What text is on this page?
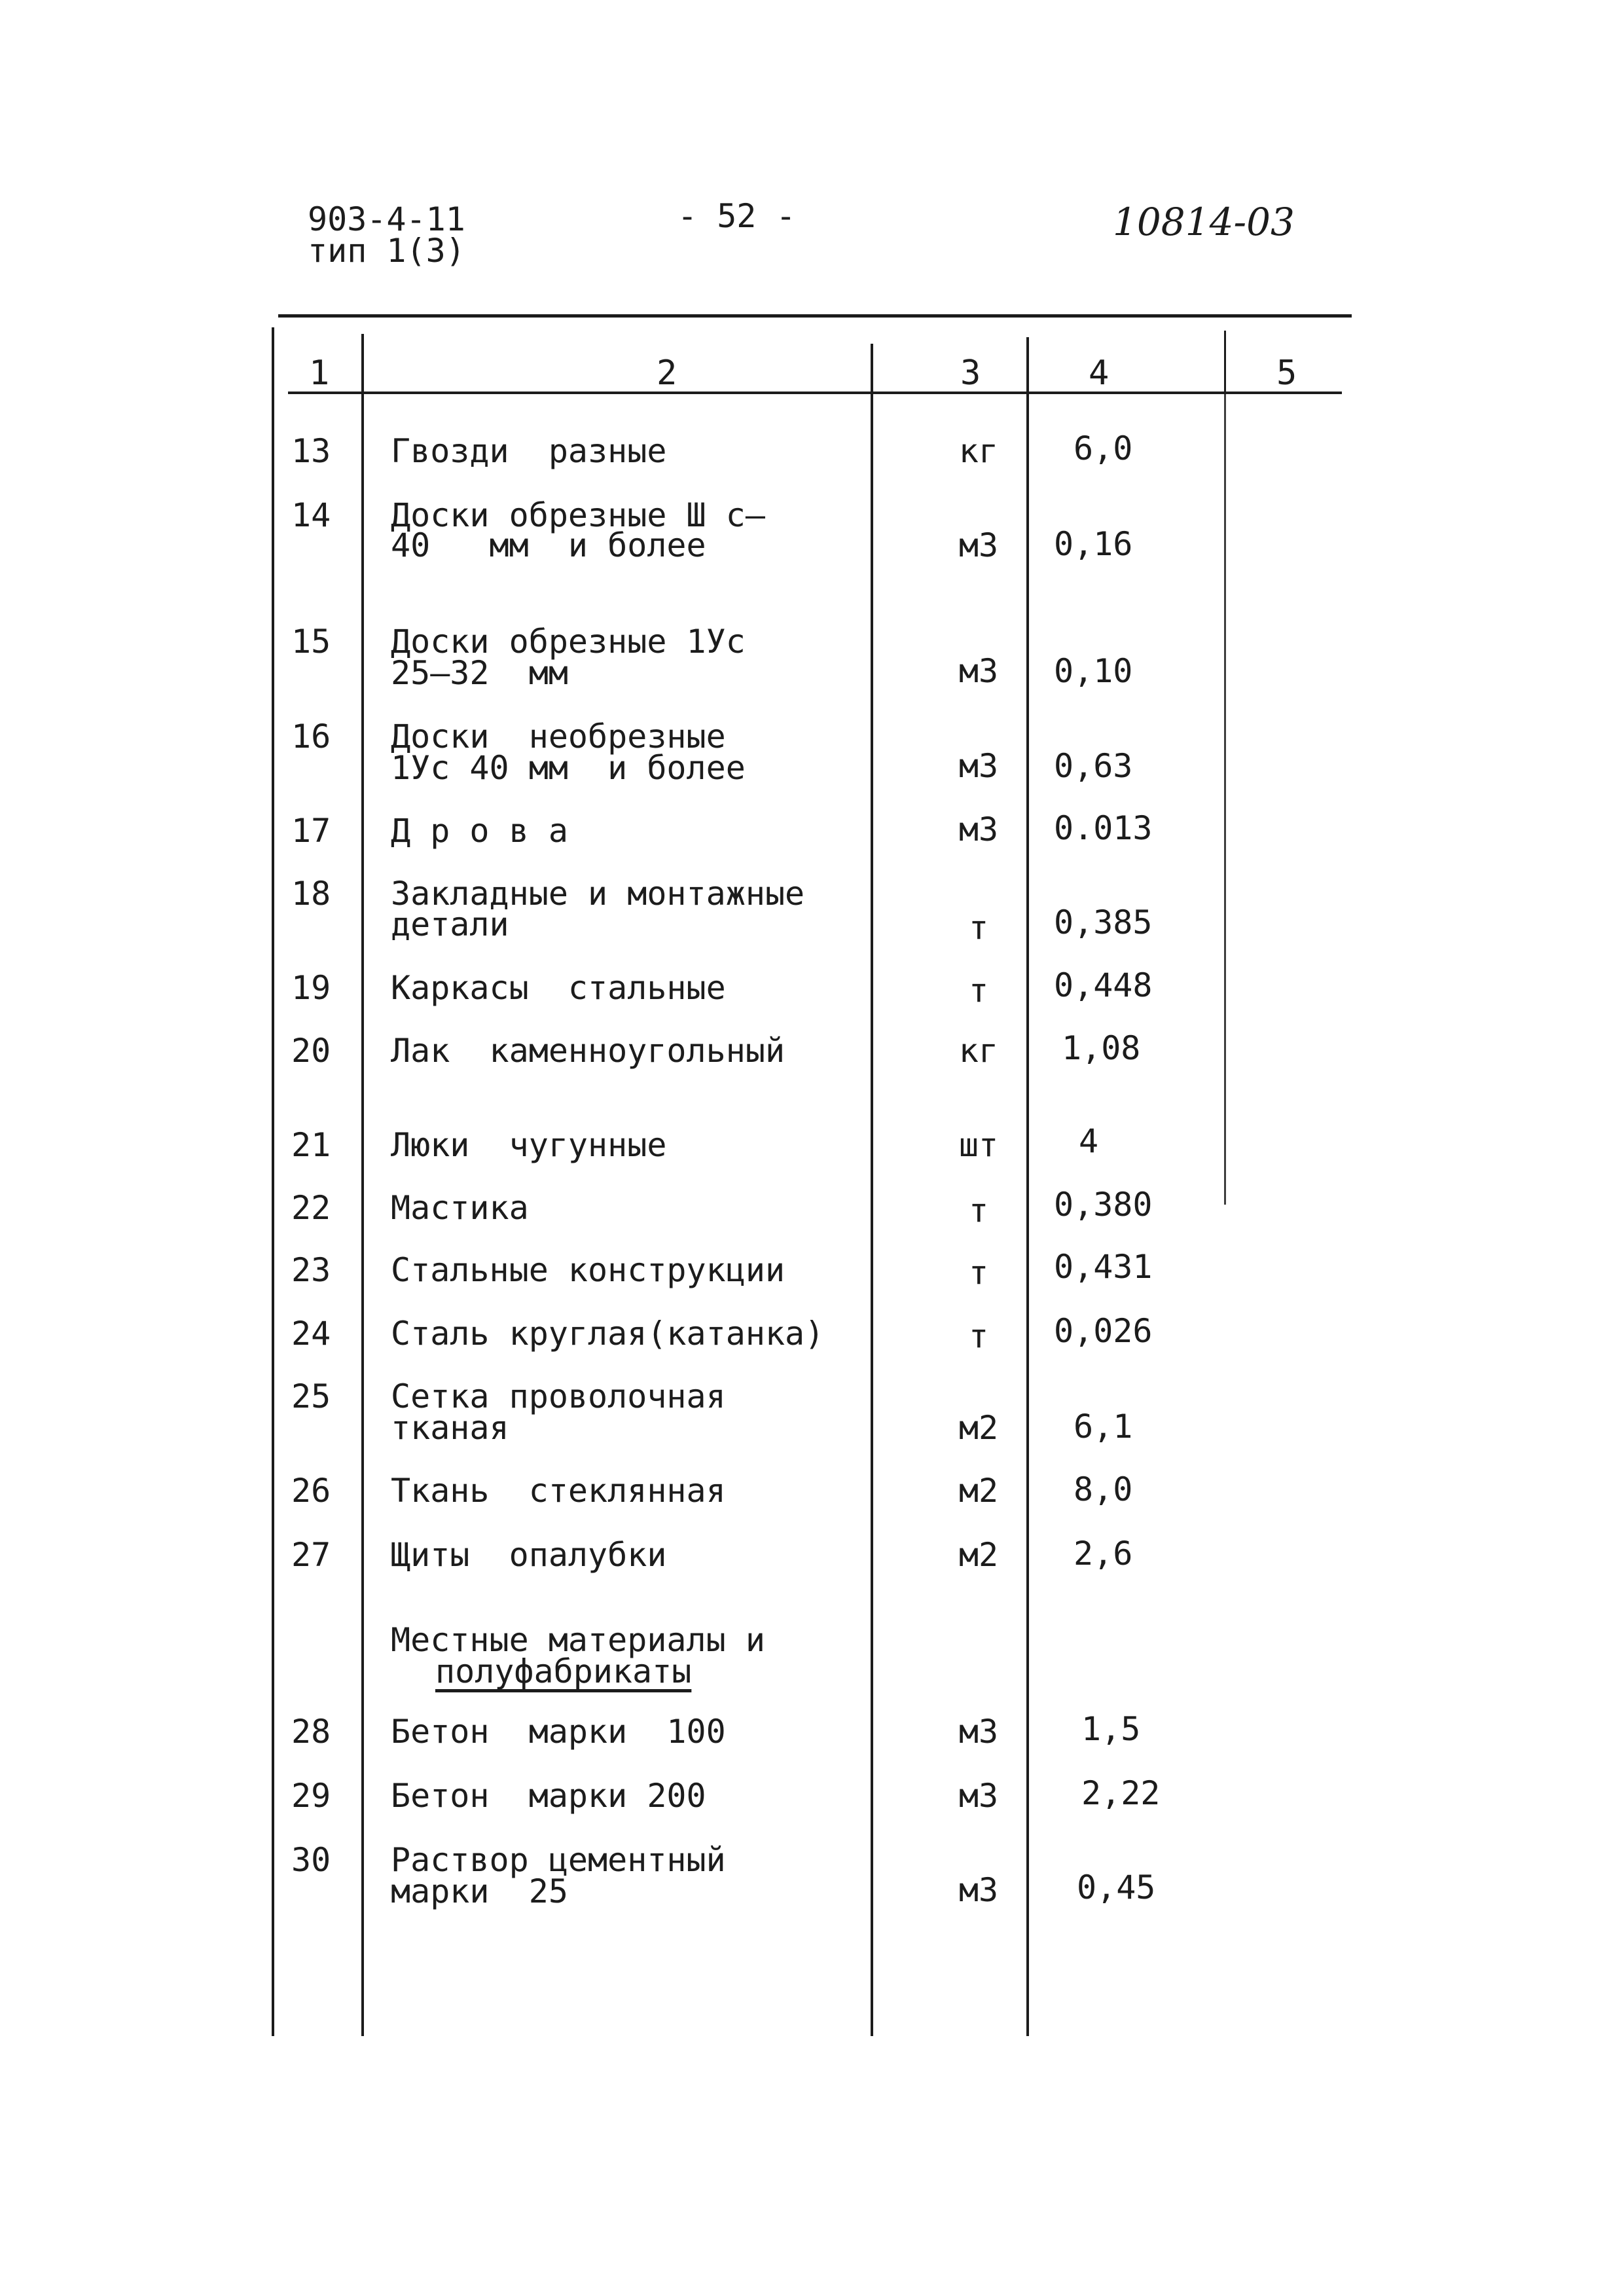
903-4-11
тип 1(3)
- 52 -	10814-03
1	2	3	4	5
13 Гвозди  разные	кг	6,0
14 Доски обрезные Ш с–
40   мм  и более	м3	0,16
15 Доски обрезные 1Ус
25–32  мм	м3	0,10
16 Доски  необрезные
1Ус 40 мм  и более	м3	0,63
17 Д р о в а	м3	0.013
18 Закладные и монтажные
детали	т	0,385
19 Каркасы  стальные	т	0,448
20 Лак  каменноугольный	кг	1,08
21 Люки  чугунные	шт	4
22 Мастика	т	0,380
23 Стальные конструкции	т	0,431
24 Сталь круглая(катанка)	т	0,026
25 Сетка проволочная
тканая	м2	6,1
26 Ткань  стеклянная	м2	8,0
27 Щиты  опалубки	м2	2,6
Местные материалы и
полуфабрикаты
28 Бетон  марки  100	м3	1,5
29 Бетон  марки 200	м3	2,22
30 Раствор цементный
марки  25	м3	0,45
